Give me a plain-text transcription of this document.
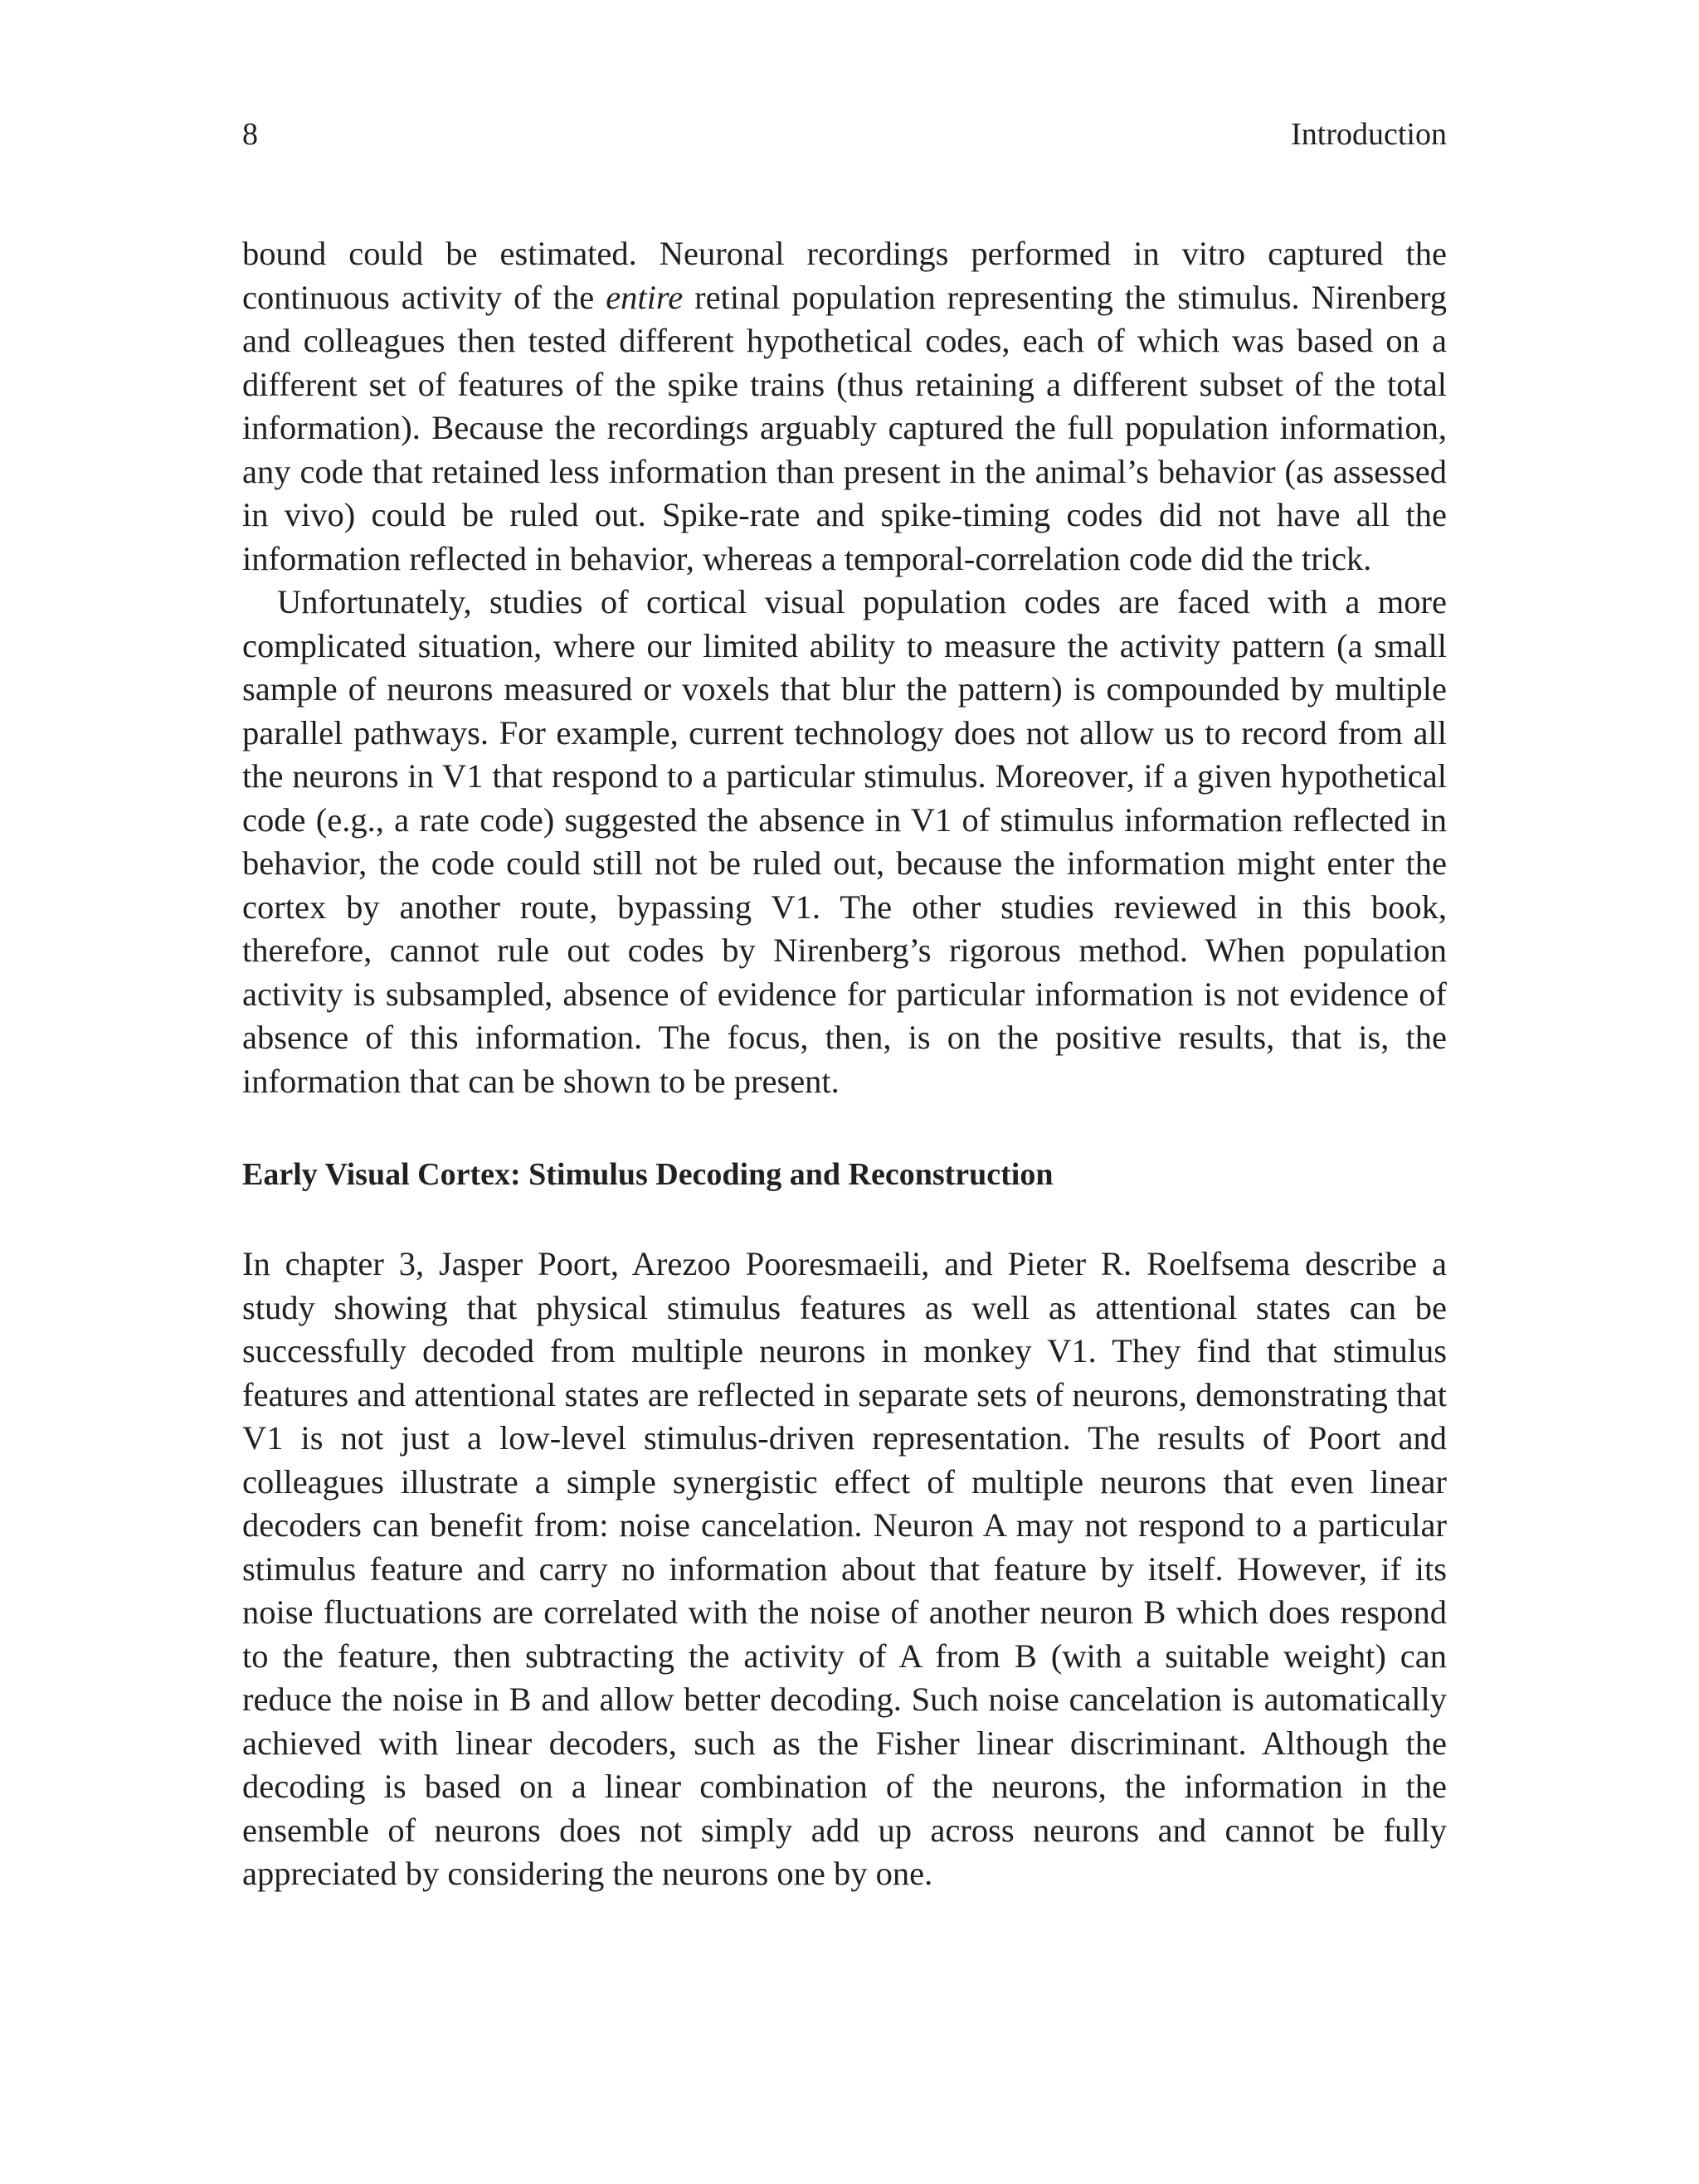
8	Introduction

bound could be estimated. Neuronal recordings performed in vitro captured the continuous activity of the entire retinal population representing the stimulus. Nirenberg and colleagues then tested different hypothetical codes, each of which was based on a different set of features of the spike trains (thus retaining a different subset of the total information). Because the recordings arguably captured the full population information, any code that retained less information than present in the animal’s behavior (as assessed in vivo) could be ruled out. Spike-rate and spike-timing codes did not have all the information reflected in behavior, whereas a temporal-correlation code did the trick.

Unfortunately, studies of cortical visual population codes are faced with a more complicated situation, where our limited ability to measure the activity pattern (a small sample of neurons measured or voxels that blur the pattern) is compounded by multiple parallel pathways. For example, current technology does not allow us to record from all the neurons in V1 that respond to a particular stimulus. Moreover, if a given hypothetical code (e.g., a rate code) suggested the absence in V1 of stimulus information reflected in behavior, the code could still not be ruled out, because the information might enter the cortex by another route, bypassing V1. The other studies reviewed in this book, therefore, cannot rule out codes by Nirenberg’s rigorous method. When population activity is subsampled, absence of evidence for particular information is not evidence of absence of this information. The focus, then, is on the positive results, that is, the information that can be shown to be present.

Early Visual Cortex: Stimulus Decoding and Reconstruction

In chapter 3, Jasper Poort, Arezoo Pooresmaeili, and Pieter R. Roelfsema describe a study showing that physical stimulus features as well as attentional states can be successfully decoded from multiple neurons in monkey V1. They find that stimulus features and attentional states are reflected in separate sets of neurons, demonstrating that V1 is not just a low-level stimulus-driven representation. The results of Poort and colleagues illustrate a simple synergistic effect of multiple neurons that even linear decoders can benefit from: noise cancelation. Neuron A may not respond to a particular stimulus feature and carry no information about that feature by itself. However, if its noise fluctuations are correlated with the noise of another neuron B which does respond to the feature, then subtracting the activity of A from B (with a suitable weight) can reduce the noise in B and allow better decoding. Such noise cancelation is automatically achieved with linear decoders, such as the Fisher linear discriminant. Although the decoding is based on a linear combination of the neurons, the information in the ensemble of neurons does not simply add up across neurons and cannot be fully appreciated by considering the neurons one by one.
